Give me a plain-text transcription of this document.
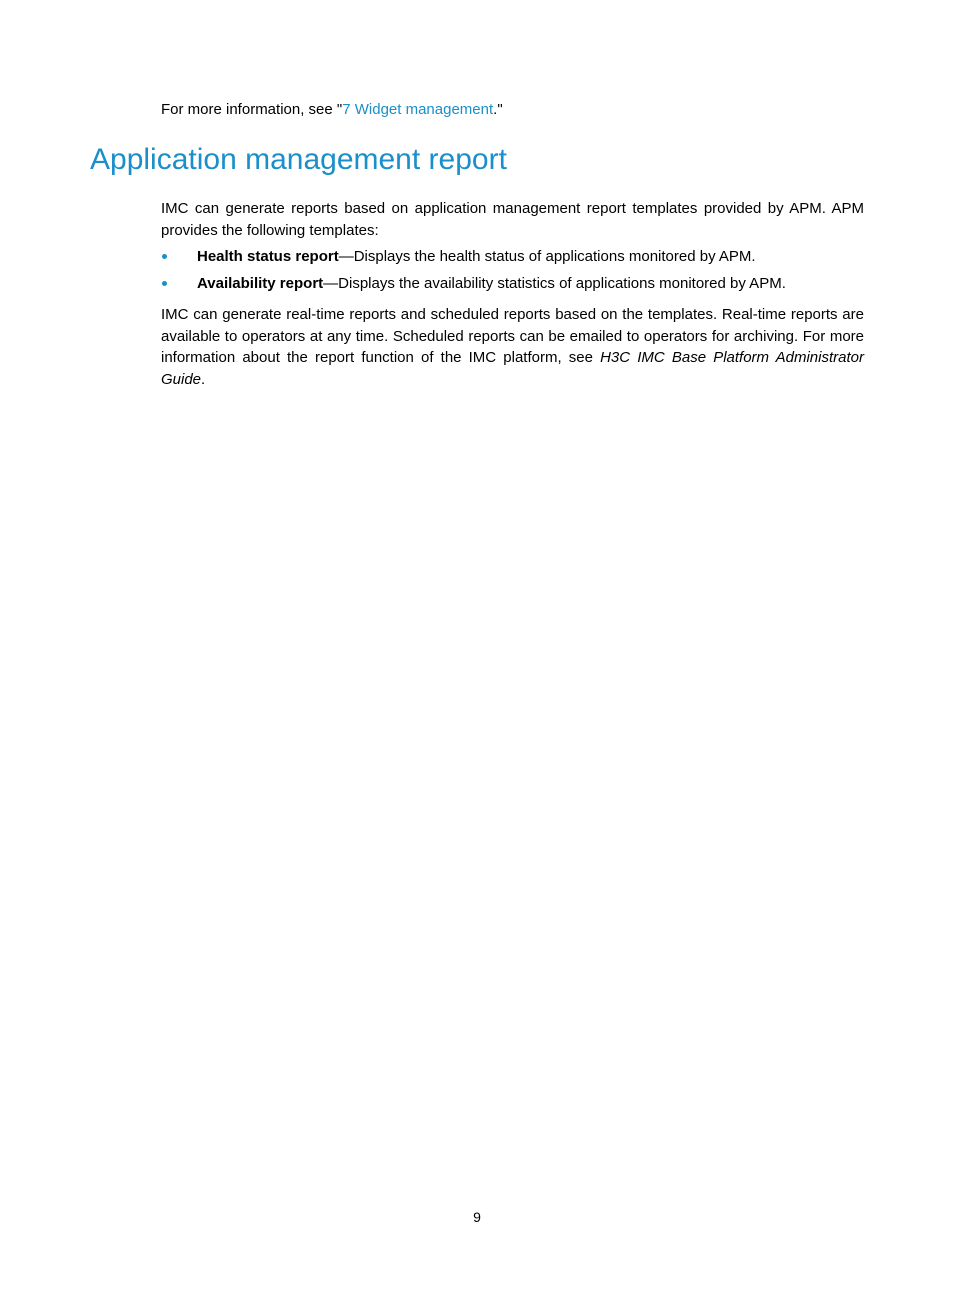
For more information, see "7 Widget management."

Application management report

IMC can generate reports based on application management report templates provided by APM. APM provides the following templates:

Health status report—Displays the health status of applications monitored by APM.
Availability report—Displays the availability statistics of applications monitored by APM.

IMC can generate real-time reports and scheduled reports based on the templates. Real-time reports are available to operators at any time. Scheduled reports can be emailed to operators for archiving. For more information about the report function of the IMC platform, see H3C IMC Base Platform Administrator Guide.

9
